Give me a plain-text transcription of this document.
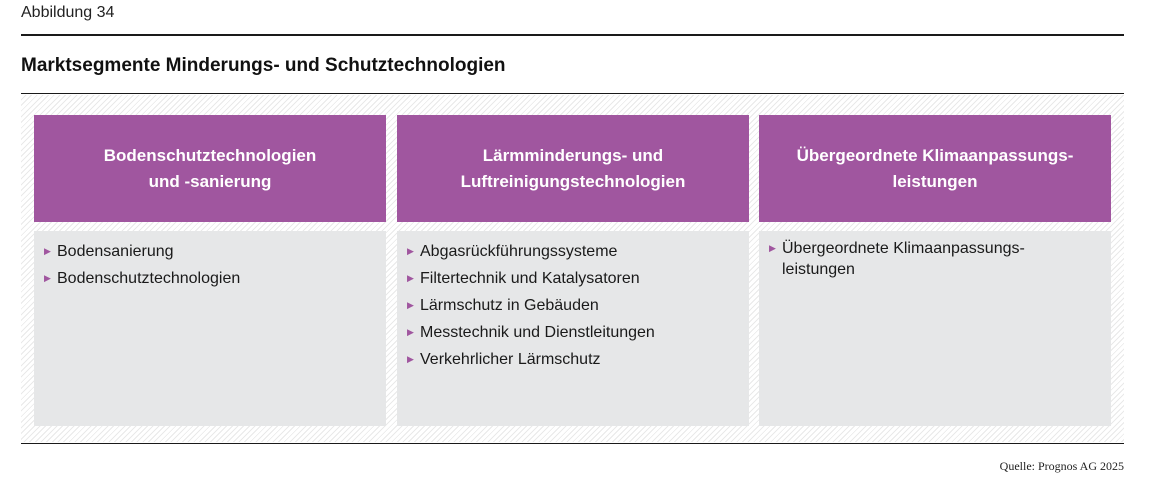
Abbildung 34
Marktsegmente Minderungs- und Schutztechnologien
Bodenschutztechnologien
und -sanierung
▶ Bodensanierung
▶ Bodenschutztechnologien
Lärmminderungs- und
Luftreinigungstechnologien
▶ Abgasrückführungssysteme
▶ Filtertechnik und Katalysatoren
▶ Lärmschutz in Gebäuden
▶ Messtechnik und Dienstleitungen
▶ Verkehrlicher Lärmschutz
Übergeordnete Klimaanpassungs-
leistungen
▶ Übergeordnete Klimaanpassungs-
leistungen
Quelle: Prognos AG 2025
